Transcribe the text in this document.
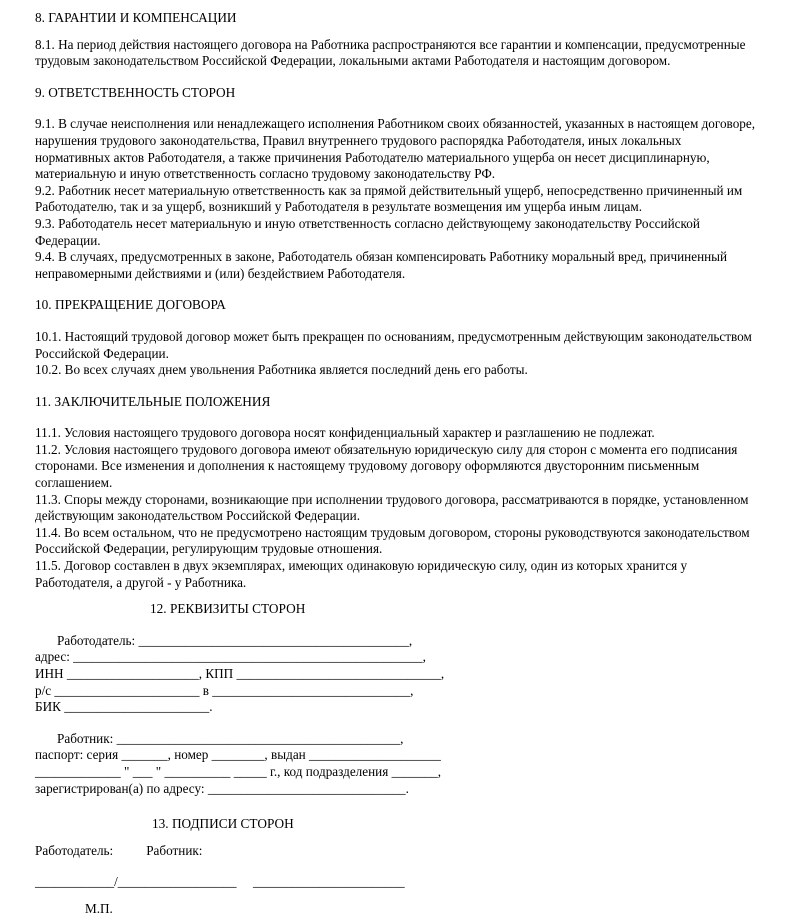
8. ГАРАНТИИ И КОМПЕНСАЦИИ

8.1. На период действия настоящего договора на Работника распространяются все гарантии и компенсации, предусмотренные трудовым законодательством Российской Федерации, локальными актами Работодателя и настоящим договором.

9. ОТВЕТСТВЕННОСТЬ СТОРОН

9.1. В случае неисполнения или ненадлежащего исполнения Работником своих обязанностей, указанных в настоящем договоре, нарушения трудового законодательства, Правил внутреннего трудового распорядка Работодателя, иных локальных нормативных актов Работодателя, а также причинения Работодателю материального ущерба он несет дисциплинарную, материальную и иную ответственность согласно трудовому законодательству РФ.

9.2. Работник несет материальную ответственность как за прямой действительный ущерб, непосредственно причиненный им Работодателю, так и за ущерб, возникший у Работодателя в результате возмещения им ущерба иным лицам.

9.3. Работодатель несет материальную и иную ответственность согласно действующему законодательству Российской Федерации.

9.4. В случаях, предусмотренных в законе, Работодатель обязан компенсировать Работнику моральный вред, причиненный неправомерными действиями и (или) бездействием Работодателя.

10. ПРЕКРАЩЕНИЕ ДОГОВОРА

10.1. Настоящий трудовой договор может быть прекращен по основаниям, предусмотренным действующим законодательством Российской Федерации.

10.2. Во всех случаях днем увольнения Работника является последний день его работы.

11. ЗАКЛЮЧИТЕЛЬНЫЕ ПОЛОЖЕНИЯ

11.1. Условия настоящего трудового договора носят конфиденциальный характер и разглашению не подлежат.

11.2. Условия настоящего трудового договора имеют обязательную юридическую силу для сторон с момента его подписания сторонами. Все изменения и дополнения к настоящему трудовому договору оформляются двусторонним письменным соглашением.

11.3. Споры между сторонами, возникающие при исполнении трудового договора, рассматриваются в порядке, установленном действующим законодательством Российской Федерации.

11.4. Во всем остальном, что не предусмотрено настоящим трудовым договором, стороны руководствуются законодательством Российской Федерации, регулирующим трудовые отношения.

11.5. Договор составлен в двух экземплярах, имеющих одинаковую юридическую силу, один из которых хранится у Работодателя, а другой - у Работника.

12. РЕКВИЗИТЫ СТОРОН

Работодатель: _________________________________________,

адрес: _____________________________________________________,

ИНН ____________________, КПП _______________________________,

р/с ______________________ в ______________________________,

БИК ______________________.

Работник: ___________________________________________,

паспорт: серия _______, номер ________, выдан ____________________

_____________ " ___ " __________ _____ г., код подразделения _______,

зарегистрирован(а) по адресу: ______________________________.

13. ПОДПИСИ СТОРОН

Работодатель: Работник:
____________/__________________ _______________________

М.П.
